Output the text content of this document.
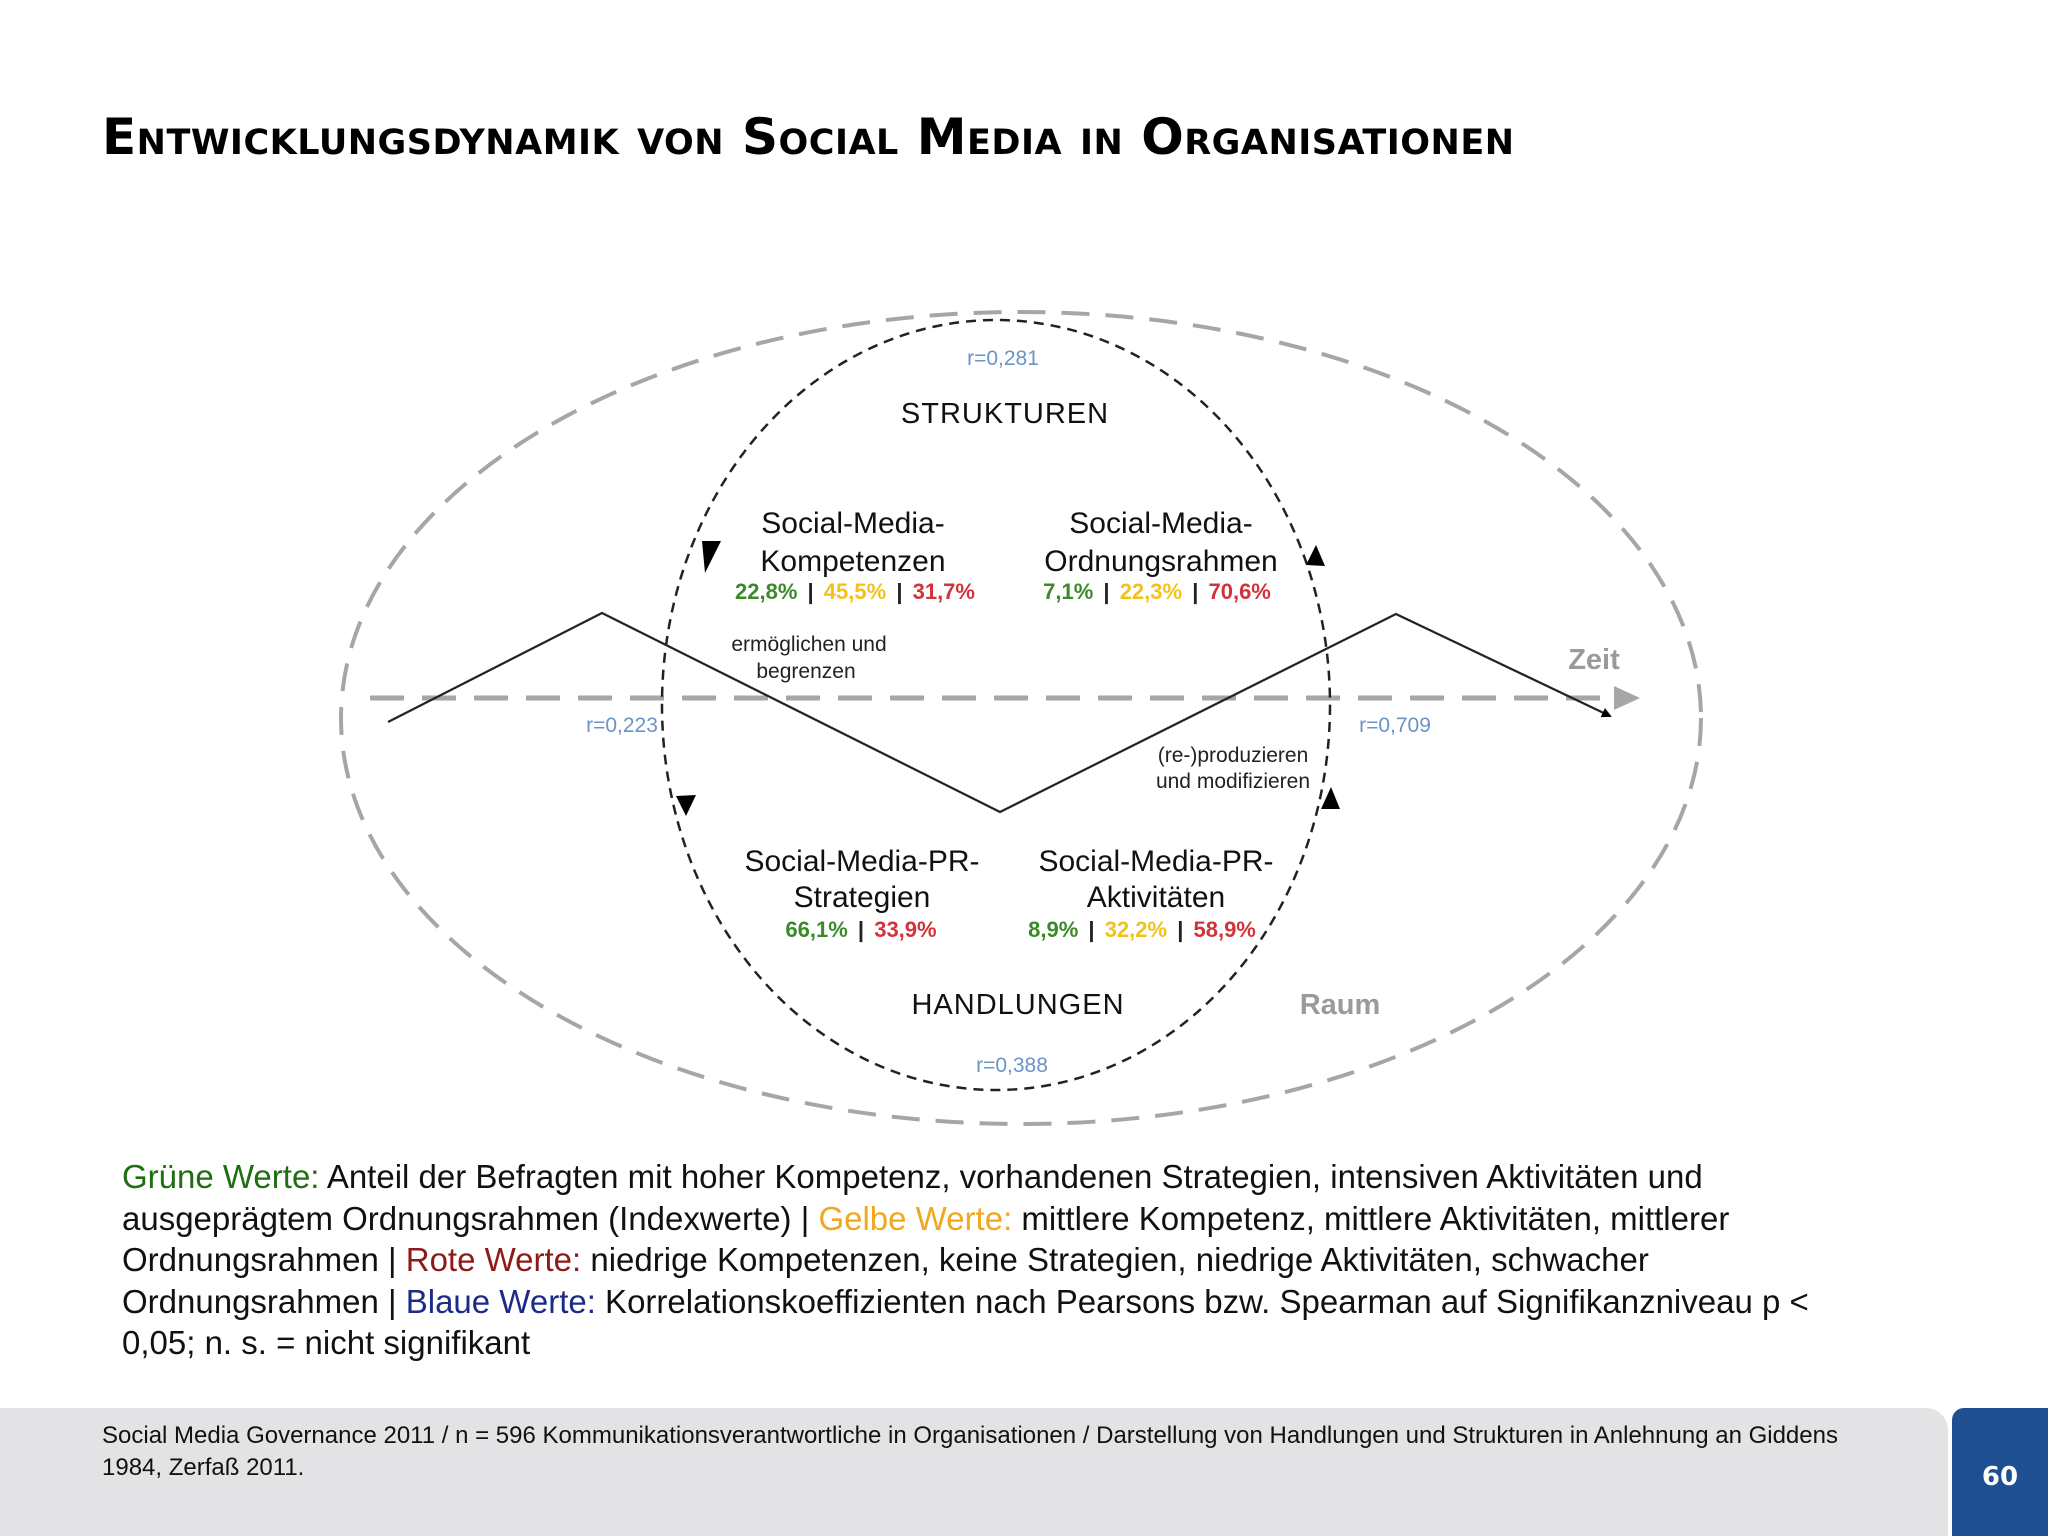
Entwicklungsdynamik von Social Media in Organisationen
STRUKTUREN
HANDLUNGEN
Zeit
Raum
r=0,281
r=0,223	r=0,709
r=0,388
ermöglichen und
begrenzen
(re-)produzieren
und modifizieren
Social-Media-
Kompetenzen
22,8% | 45,5% | 31,7%
Social-Media-
Ordnungsrahmen
7,1% | 22,3% | 70,6%
Social-Media-PR-
Strategien
66,1% | 33,9%
Social-Media-PR-
Aktivitäten
8,9% | 32,2% | 58,9%
Grüne Werte: Anteil der Befragten mit hoher Kompetenz, vorhandenen Strategien, intensiven Aktivitäten und ausgeprägtem Ordnungsrahmen (Indexwerte) | Gelbe Werte: mittlere Kompetenz, mittlere Aktivitäten, mittlerer Ordnungsrahmen | Rote Werte: niedrige Kompetenzen, keine Strategien, niedrige Aktivitäten, schwacher Ordnungsrahmen | Blaue Werte: Korrelationskoeffizienten nach Pearsons bzw. Spearman auf Signifikanzniveau p < 0,05; n. s. = nicht signifikant
Social Media Governance 2011 / n = 596 Kommunikationsverantwortliche in Organisationen / Darstellung von Handlungen und Strukturen in Anlehnung an Giddens 1984, Zerfaß 2011.	60
